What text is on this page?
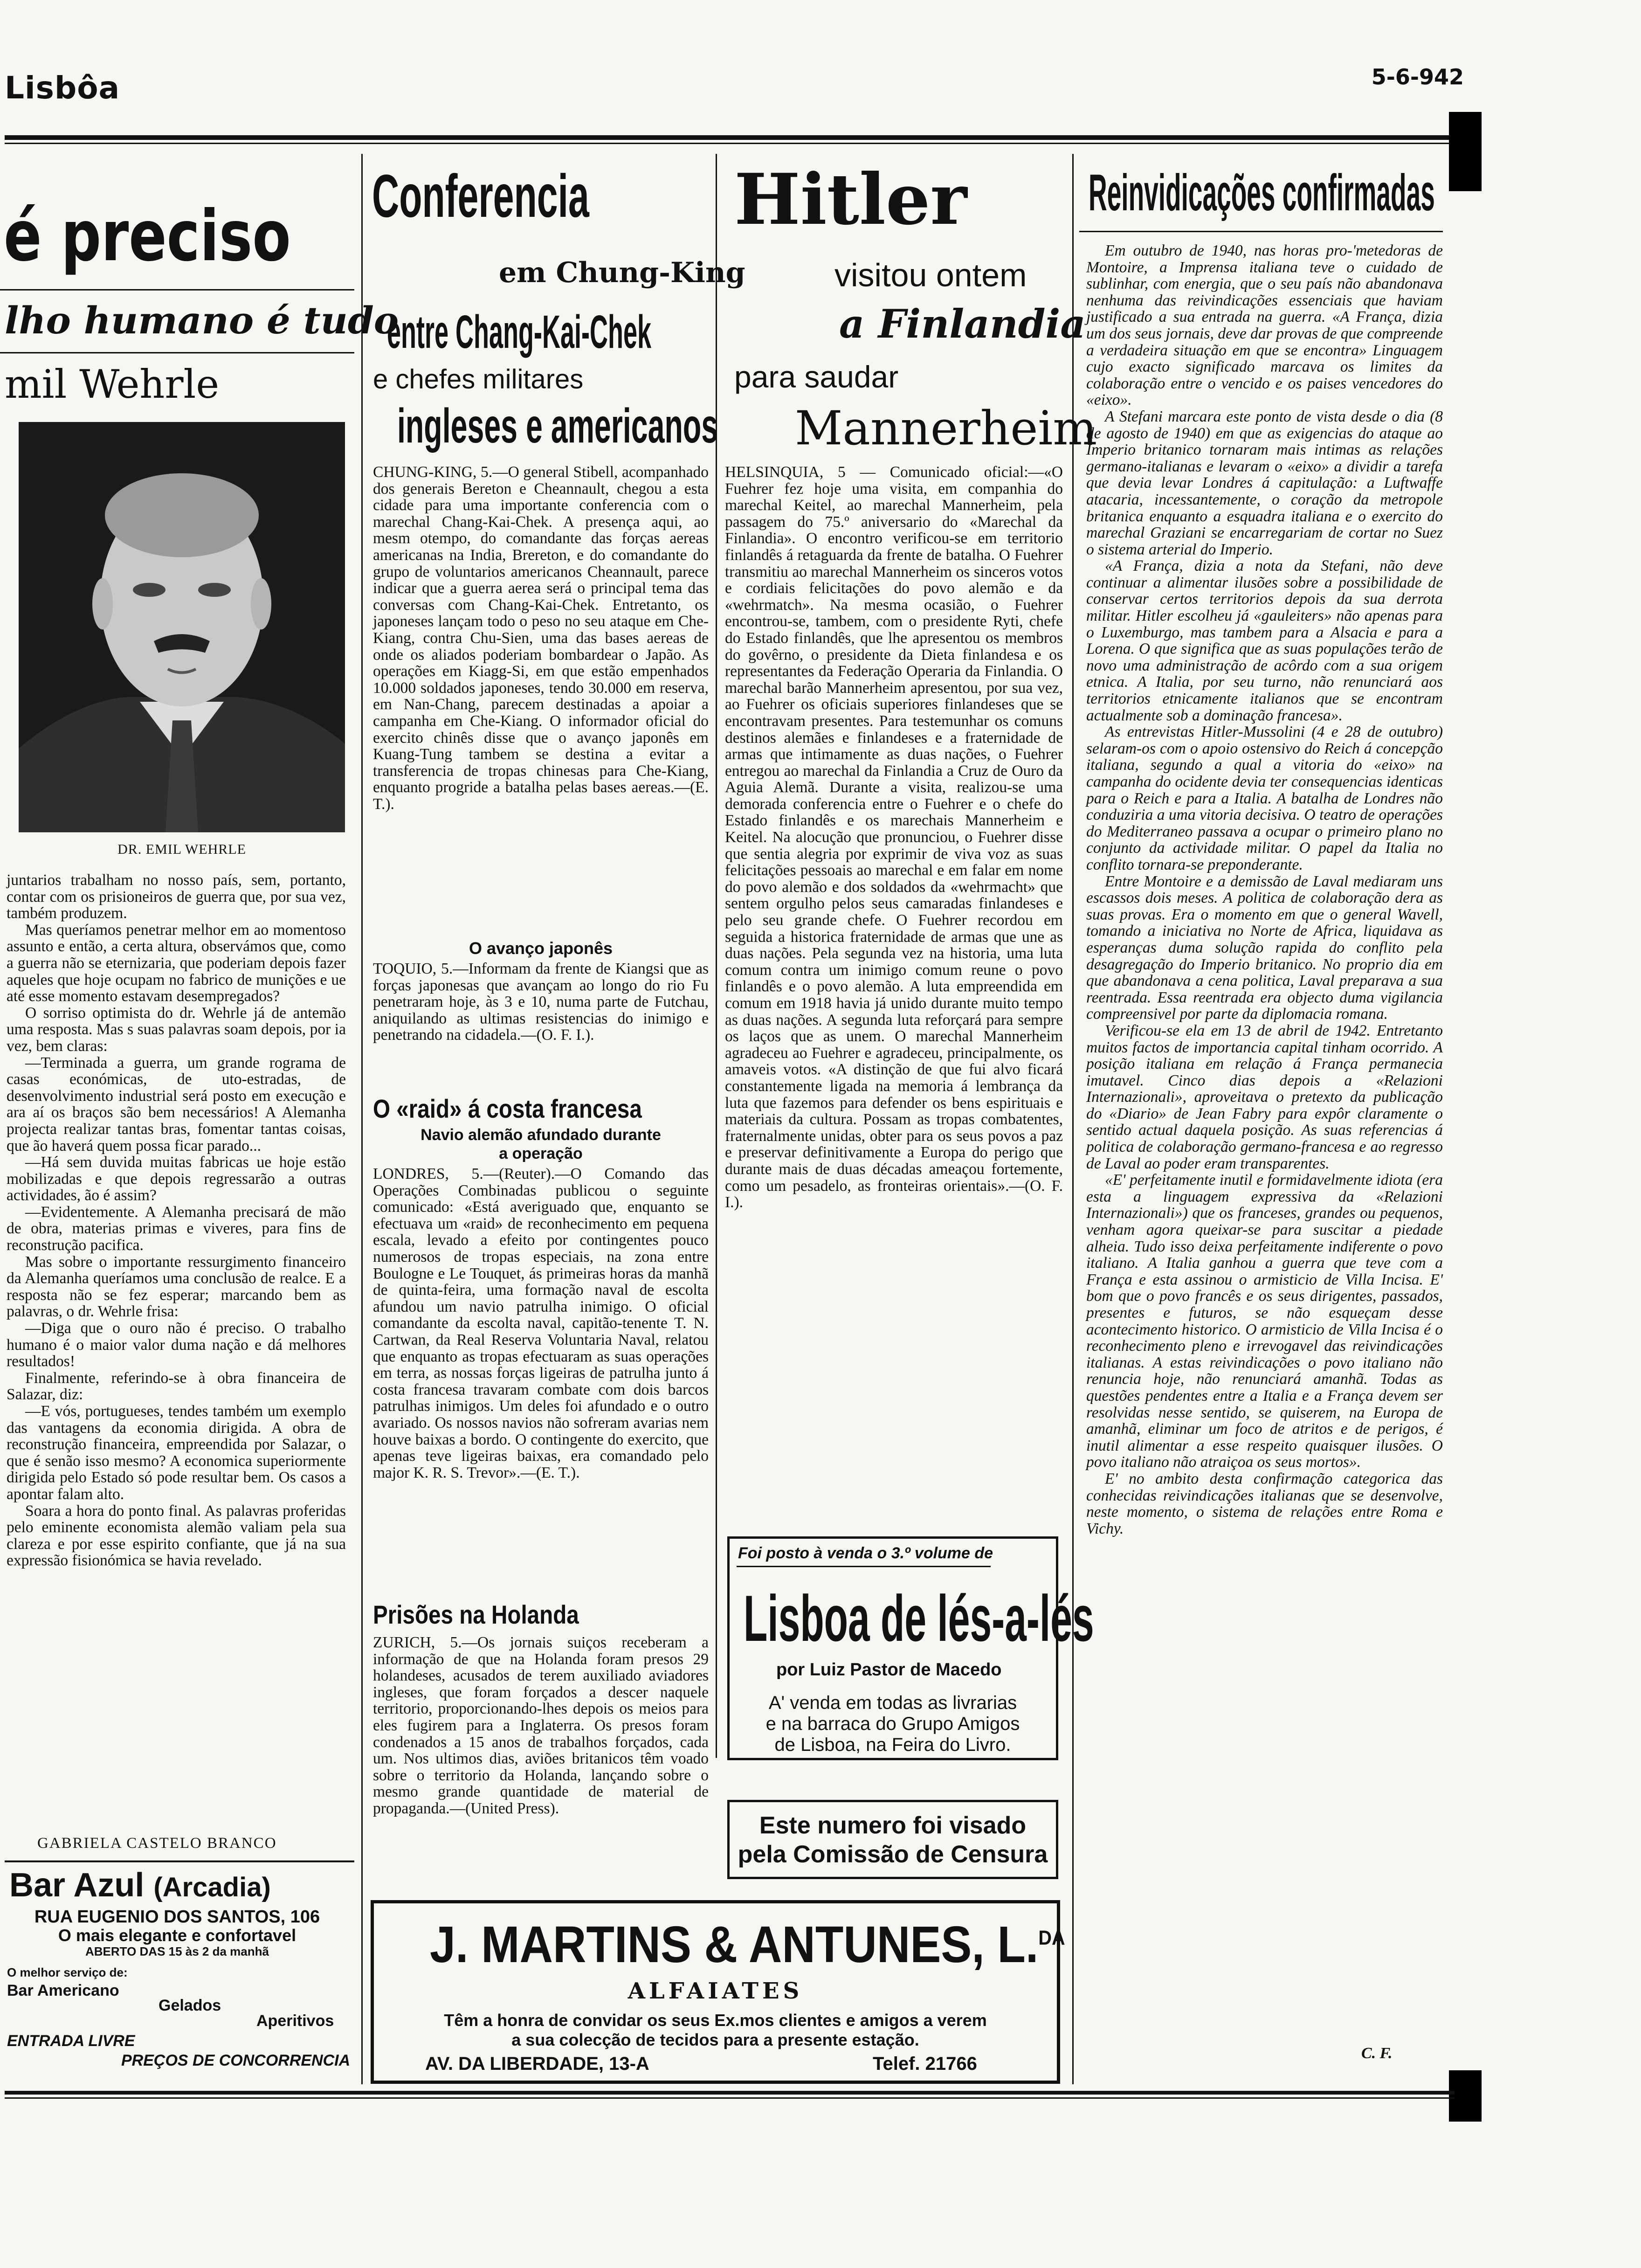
Lisbôa	5-6-942
é preciso
lho humano é tudo
mil Wehrle
DR. EMIL WEHRLE

juntarios trabalham no nosso país, sem, portanto, contar com os prisioneiros de guerra que, por sua vez, também produzem.

Mas queríamos penetrar melhor em ao momentoso assunto e então, a certa altura, observámos que, como a guerra não se eternizaria, que poderiam depois fazer aqueles que hoje ocupam no fabrico de munições e ue até esse momento estavam desempregados?

O sorriso optimista do dr. Wehrle já de antemão uma resposta. Mas s suas palavras soam depois, por ia vez, bem claras:

—Terminada a guerra, um grande rograma de casas económicas, de uto-estradas, de desenvolvimento industrial será posto em execução e ara aí os braços são bem necessários! A Alemanha projecta realizar tantas bras, fomentar tantas coisas, que ão haverá quem possa ficar parado...

—Há sem duvida muitas fabricas ue hoje estão mobilizadas e que depois regressarão a outras actividades, ão é assim?

—Evidentemente. A Alemanha precisará de mão de obra, materias primas e viveres, para fins de reconstrução pacifica.

Mas sobre o importante ressurgimento financeiro da Alemanha queríamos uma conclusão de realce. E a resposta não se fez esperar; marcando bem as palavras, o dr. Wehrle frisa:

—Diga que o ouro não é preciso. O trabalho humano é o maior valor duma nação e dá melhores resultados!

Finalmente, referindo-se à obra financeira de Salazar, diz:

—E vós, portugueses, tendes também um exemplo das vantagens da economia dirigida. A obra de reconstrução financeira, empreendida por Salazar, o que é senão isso mesmo? A economica superiormente dirigida pelo Estado só pode resultar bem. Os casos a apontar falam alto.

Soara a hora do ponto final. As palavras proferidas pelo eminente economista alemão valiam pela sua clareza e por esse espirito confiante, que já na sua expressão fisionómica se havia revelado.

GABRIELA CASTELO BRANCO
Bar Azul (Arcadia)
RUA EUGENIO DOS SANTOS, 106
O mais elegante e confortavel
ABERTO DAS 15 às 2 da manhã
O melhor serviço de:
Bar Americano
Gelados
Aperitivos
ENTRADA LIVRE
PREÇOS DE CONCORRENCIA
Conferencia
em Chung-King
entre Chang-Kai-Chek
e chefes militares
ingleses e americanos
CHUNG-KING, 5.—O general Stibell, acompanhado dos generais Bereton e Cheannault, chegou a esta cidade para uma importante conferencia com o marechal Chang-Kai-Chek. A presença aqui, ao mesm otempo, do comandante das forças aereas americanas na India, Brereton, e do comandante do grupo de voluntarios americanos Cheannault, parece indicar que a guerra aerea será o principal tema das conversas com Chang-Kai-Chek. Entretanto, os japoneses lançam todo o peso no seu ataque em Che-Kiang, contra Chu-Sien, uma das bases aereas de onde os aliados poderiam bombardear o Japão. As operações em Kiagg-Si, em que estão empenhados 10.000 soldados japoneses, tendo 30.000 em reserva, em Nan-Chang, parecem destinadas a apoiar a campanha em Che-Kiang. O informador oficial do exercito chinês disse que o avanço japonês em Kuang-Tung tambem se destina a evitar a transferencia de tropas chinesas para Che-Kiang, enquanto progride a batalha pelas bases aereas.—(E. T.).
O avanço japonês
TOQUIO, 5.—Informam da frente de Kiangsi que as forças japonesas que avançam ao longo do rio Fu penetraram hoje, às 3 e 10, numa parte de Futchau, aniquilando as ultimas resistencias do inimigo e penetrando na cidadela.—(O. F. I.).
O «raid» á costa francesa
Navio alemão afundado durante
a operação
LONDRES, 5.—(Reuter).—O Comando das Operações Combinadas publicou o seguinte comunicado: «Está averiguado que, enquanto se efectuava um «raid» de reconhecimento em pequena escala, levado a efeito por contingentes pouco numerosos de tropas especiais, na zona entre Boulogne e Le Touquet, ás primeiras horas da manhã de quinta-feira, uma formação naval de escolta afundou um navio patrulha inimigo. O oficial comandante da escolta naval, capitão-tenente T. N. Cartwan, da Real Reserva Voluntaria Naval, relatou que enquanto as tropas efectuaram as suas operações em terra, as nossas forças ligeiras de patrulha junto á costa francesa travaram combate com dois barcos patrulhas inimigos. Um deles foi afundado e o outro avariado. Os nossos navios não sofreram avarias nem houve baixas a bordo. O contingente do exercito, que apenas teve ligeiras baixas, era comandado pelo major K. R. S. Trevor».—(E. T.).
Prisões na Holanda
ZURICH, 5.—Os jornais suiços receberam a informação de que na Holanda foram presos 29 holandeses, acusados de terem auxiliado aviadores ingleses, que foram forçados a descer naquele territorio, proporcionando-lhes depois os meios para eles fugirem para a Inglaterra. Os presos foram condenados a 15 anos de trabalhos forçados, cada um. Nos ultimos dias, aviões britanicos têm voado sobre o territorio da Holanda, lançando sobre o mesmo grande quantidade de material de propaganda.—(United Press).
Hitler
visitou ontem
a Finlandia
para saudar
Mannerheim
HELSINQUIA, 5 — Comunicado oficial:—«O Fuehrer fez hoje uma visita, em companhia do marechal Keitel, ao marechal Mannerheim, pela passagem do 75.º aniversario do «Marechal da Finlandia». O encontro verificou-se em territorio finlandês á retaguarda da frente de batalha. O Fuehrer transmitiu ao marechal Mannerheim os sinceros votos e cordiais felicitações do povo alemão e da «wehrmatch». Na mesma ocasião, o Fuehrer encontrou-se, tambem, com o presidente Ryti, chefe do Estado finlandês, que lhe apresentou os membros do govêrno, o presidente da Dieta finlandesa e os representantes da Federação Operaria da Finlandia. O marechal barão Mannerheim apresentou, por sua vez, ao Fuehrer os oficiais superiores finlandeses que se encontravam presentes. Para testemunhar os comuns destinos alemães e finlandeses e a fraternidade de armas que intimamente as duas nações, o Fuehrer entregou ao marechal da Finlandia a Cruz de Ouro da Aguia Alemã. Durante a visita, realizou-se uma demorada conferencia entre o Fuehrer e o chefe do Estado finlandês e os marechais Mannerheim e Keitel. Na alocução que pronunciou, o Fuehrer disse que sentia alegria por exprimir de viva voz as suas felicitações pessoais ao marechal e em falar em nome do povo alemão e dos soldados da «wehrmacht» que sentem orgulho pelos seus camaradas finlandeses e pelo seu grande chefe. O Fuehrer recordou em seguida a historica fraternidade de armas que une as duas nações. Pela segunda vez na historia, uma luta comum contra um inimigo comum reune o povo finlandês e o povo alemão. A luta empreendida em comum em 1918 havia já unido durante muito tempo as duas nações. A segunda luta reforçará para sempre os laços que as unem. O marechal Mannerheim agradeceu ao Fuehrer e agradeceu, principalmente, os amaveis votos. «A distinção de que fui alvo ficará constantemente ligada na memoria á lembrança da luta que fazemos para defender os bens espirituais e materiais da cultura. Possam as tropas combatentes, fraternalmente unidas, obter para os seus povos a paz e preservar definitivamente a Europa do perigo que durante mais de duas décadas ameaçou fortemente, como um pesadelo, as fronteiras orientais».—(O. F. I.).
Foi posto à venda o 3.º volume de
Lisboa de lés-a-lés
por Luiz Pastor de Macedo
A' venda em todas as livrarias
e na barraca do Grupo Amigos
de Lisboa, na Feira do Livro.
Este numero foi visado
pela Comissão de Censura
J. MARTINS & ANTUNES, L.$^{DA}$
ALFAIATES
Têm a honra de convidar os seus Ex.mos clientes e amigos a verem
a sua colecção de tecidos para a presente estação.
AV. DA LIBERDADE, 13-A	Telef. 21766
Reinvidicações confirmadas

Em outubro de 1940, nas horas pro-'metedoras de Montoire, a Imprensa italiana teve o cuidado de sublinhar, com energia, que o seu país não abandonava nenhuma das reivindicações essenciais que haviam justificado a sua entrada na guerra. «A França, dizia um dos seus jornais, deve dar provas de que compreende a verdadeira situação em que se encontra» Linguagem cujo exacto significado marcava os limites da colaboração entre o vencido e os paises vencedores do «eixo».

A Stefani marcara este ponto de vista desde o dia (8 de agosto de 1940) em que as exigencias do ataque ao Imperio britanico tornaram mais intimas as relações germano-italianas e levaram o «eixo» a dividir a tarefa que devia levar Londres á capitulação: a Luftwaffe atacaria, incessantemente, o coração da metropole britanica enquanto a esquadra italiana e o exercito do marechal Graziani se encarregariam de cortar no Suez o sistema arterial do Imperio.

«A França, dizia a nota da Stefani, não deve continuar a alimentar ilusões sobre a possibilidade de conservar certos territorios depois da sua derrota militar. Hitler escolheu já «gauleiters» não apenas para o Luxemburgo, mas tambem para a Alsacia e para a Lorena. O que significa que as suas populações terão de novo uma administração de acôrdo com a sua origem etnica. A Italia, por seu turno, não renunciará aos territorios etnicamente italianos que se encontram actualmente sob a dominação francesa».

As entrevistas Hitler-Mussolini (4 e 28 de outubro) selaram-os com o apoio ostensivo do Reich á concepção italiana, segundo a qual a vitoria do «eixo» na campanha do ocidente devia ter consequencias identicas para o Reich e para a Italia. A batalha de Londres não conduziria a uma vitoria decisiva. O teatro de operações do Mediterraneo passava a ocupar o primeiro plano no conjunto da actividade militar. O papel da Italia no conflito tornara-se preponderante.

Entre Montoire e a demissão de Laval mediaram uns escassos dois meses. A politica de colaboração dera as suas provas. Era o momento em que o general Wavell, tomando a iniciativa no Norte de Africa, liquidava as esperanças duma solução rapida do conflito pela desagregação do Imperio britanico. No proprio dia em que abandonava a cena politica, Laval preparava a sua reentrada. Essa reentrada era objecto duma vigilancia compreensivel por parte da diplomacia romana.

Verificou-se ela em 13 de abril de 1942. Entretanto muitos factos de importancia capital tinham ocorrido. A posição italiana em relação á França permanecia imutavel. Cinco dias depois a «Relazioni Internazionali», aproveitava o pretexto da publicação do «Diario» de Jean Fabry para expôr claramente o sentido actual daquela posição. As suas referencias á politica de colaboração germano-francesa e ao regresso de Laval ao poder eram transparentes.

«E' perfeitamente inutil e formidavelmente idiota (era esta a linguagem expressiva da «Relazioni Internazionali») que os franceses, grandes ou pequenos, venham agora queixar-se para suscitar a piedade alheia. Tudo isso deixa perfeitamente indiferente o povo italiano. A Italia ganhou a guerra que teve com a França e esta assinou o armisticio de Villa Incisa. E' bom que o povo francês e os seus dirigentes, passados, presentes e futuros, se não esqueçam desse acontecimento historico. O armisticio de Villa Incisa é o reconhecimento pleno e irrevogavel das reivindicações italianas. A estas reivindicações o povo italiano não renuncia hoje, não renunciará amanhã. Todas as questões pendentes entre a Italia e a França devem ser resolvidas nesse sentido, se quiserem, na Europa de amanhã, eliminar um foco de atritos e de perigos, é inutil alimentar a esse respeito quaisquer ilusões. O povo italiano não atraiçoa os seus mortos».

E' no ambito desta confirmação categorica das conhecidas reivindicações italianas que se desenvolve, neste momento, o sistema de relações entre Roma e Vichy.

C. F.
